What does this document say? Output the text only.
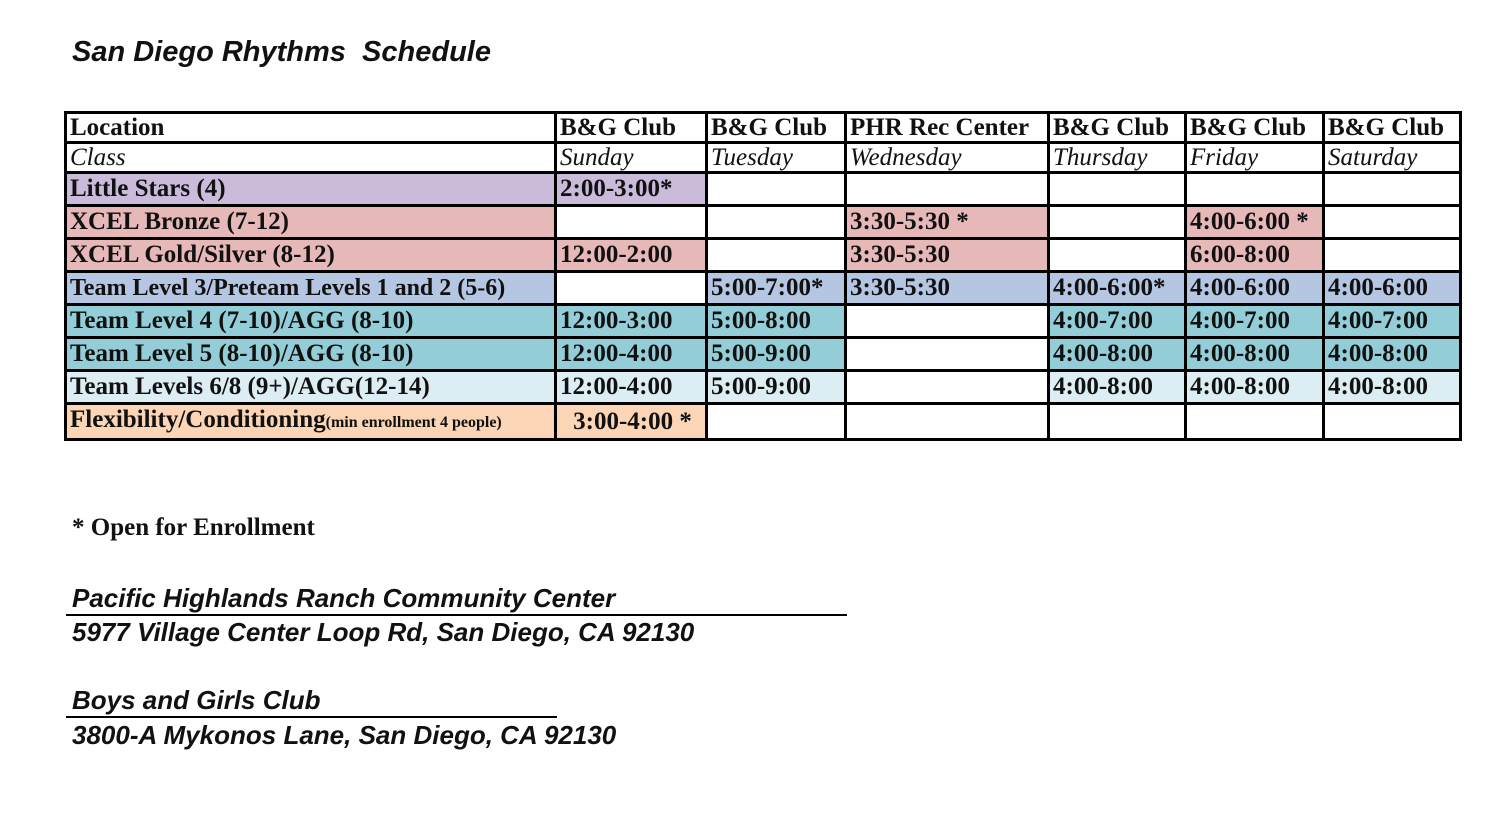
San Diego Rhythms  Schedule
Location	B&G Club	B&G Club	PHR Rec Center	B&G Club	B&G Club	B&G Club
Class	Sunday	Tuesday	Wednesday	Thursday	Friday	Saturday
Little Stars (4)	2:00-3:00*					
XCEL Bronze (7-12)			3:30-5:30 *		4:00-6:00 *	
XCEL Gold/Silver (8-12)	12:00-2:00		3:30-5:30		6:00-8:00	
Team Level 3/Preteam Levels 1 and 2 (5-6)		5:00-7:00*	3:30-5:30	4:00-6:00*	4:00-6:00	4:00-6:00
Team Level 4 (7-10)/AGG (8-10)	12:00-3:00	5:00-8:00		4:00-7:00	4:00-7:00	4:00-7:00
Team Level 5 (8-10)/AGG (8-10)	12:00-4:00	5:00-9:00		4:00-8:00	4:00-8:00	4:00-8:00
Team Levels 6/8 (9+)/AGG(12-14)	12:00-4:00	5:00-9:00		4:00-8:00	4:00-8:00	4:00-8:00
Flexibility/Conditioning(min enrollment 4 people)	3:00-4:00 *					
* Open for Enrollment
Pacific Highlands Ranch Community Center
5977 Village Center Loop Rd, San Diego, CA 92130
Boys and Girls Club
3800-A Mykonos Lane, San Diego, CA 92130
